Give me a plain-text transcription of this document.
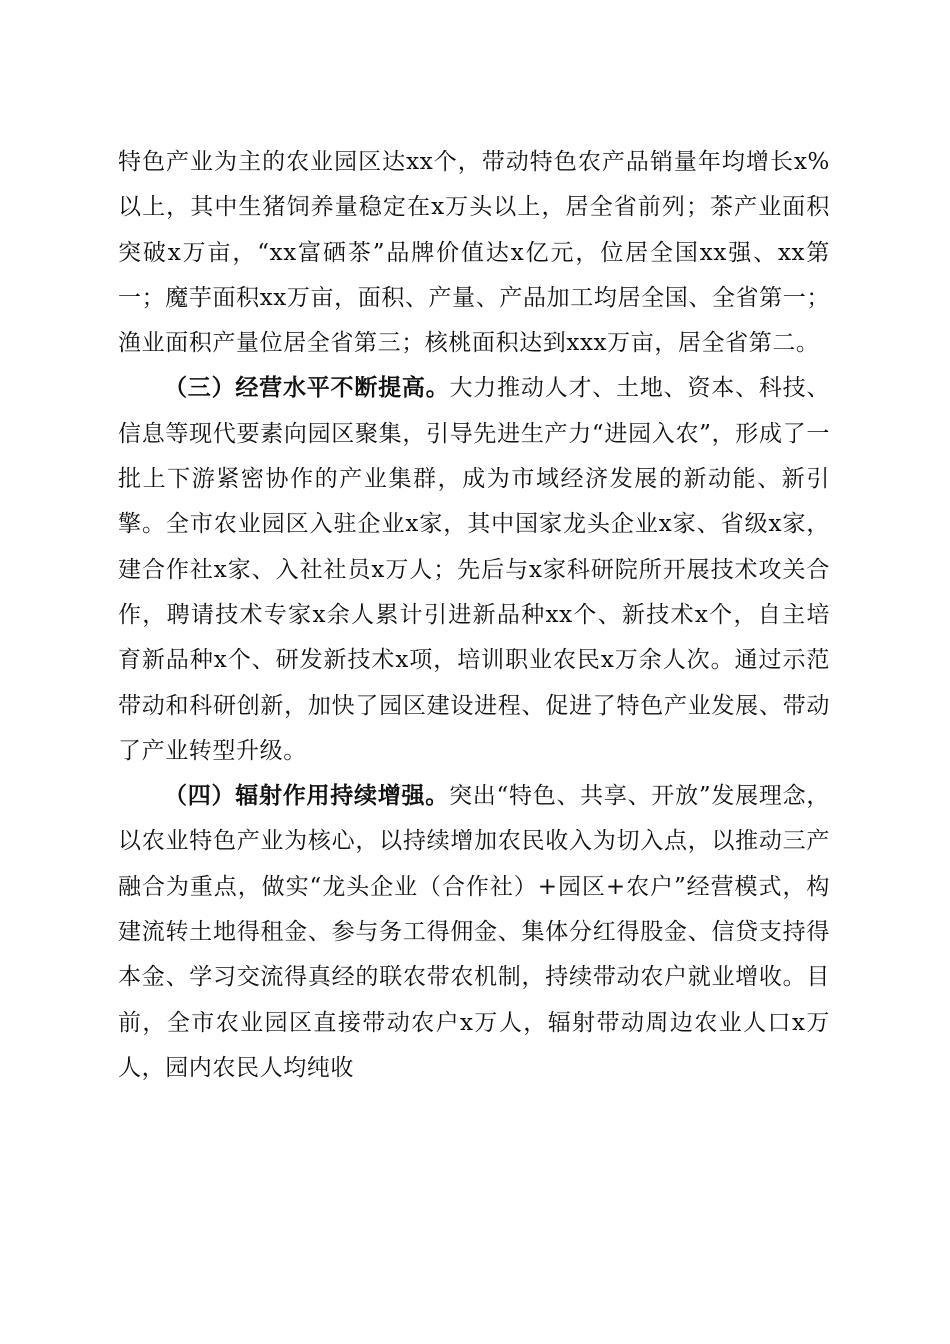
特色产业为主的农业园区达xx个，带动特色农产品销量年均增长x%以上，其中生猪饲养量稳定在x万头以上，居全省前列；茶产业面积突破x万亩，“xx富硒茶”品牌价值达x亿元，位居全国xx强、xx第一；魔芋面积xx万亩，面积、产量、产品加工均居全国、全省第一；渔业面积产量位居全省第三；核桃面积达到xxx万亩，居全省第二。

（三）经营水平不断提高。大力推动人才、土地、资本、科技、信息等现代要素向园区聚集，引导先进生产力“进园入农”，形成了一批上下游紧密协作的产业集群，成为市域经济发展的新动能、新引擎。全市农业园区入驻企业x家，其中国家龙头企业x家、省级x家，建合作社x家、入社社员x万人；先后与x家科研院所开展技术攻关合作，聘请技术专家x余人累计引进新品种xx个、新技术x个，自主培育新品种x个、研发新技术x项，培训职业农民x万余人次。通过示范带动和科研创新，加快了园区建设进程、促进了特色产业发展、带动了产业转型升级。

（四）辐射作用持续增强。突出“特色、共享、开放”发展理念，以农业特色产业为核心，以持续增加农民收入为切入点，以推动三产融合为重点，做实“龙头企业（合作社）+园区+农户”经营模式，构建流转土地得租金、参与务工得佣金、集体分红得股金、信贷支持得本金、学习交流得真经的联农带农机制，持续带动农户就业增收。目前，全市农业园区直接带动农户x万人，辐射带动周边农业人口x万人，园内农民人均纯收
